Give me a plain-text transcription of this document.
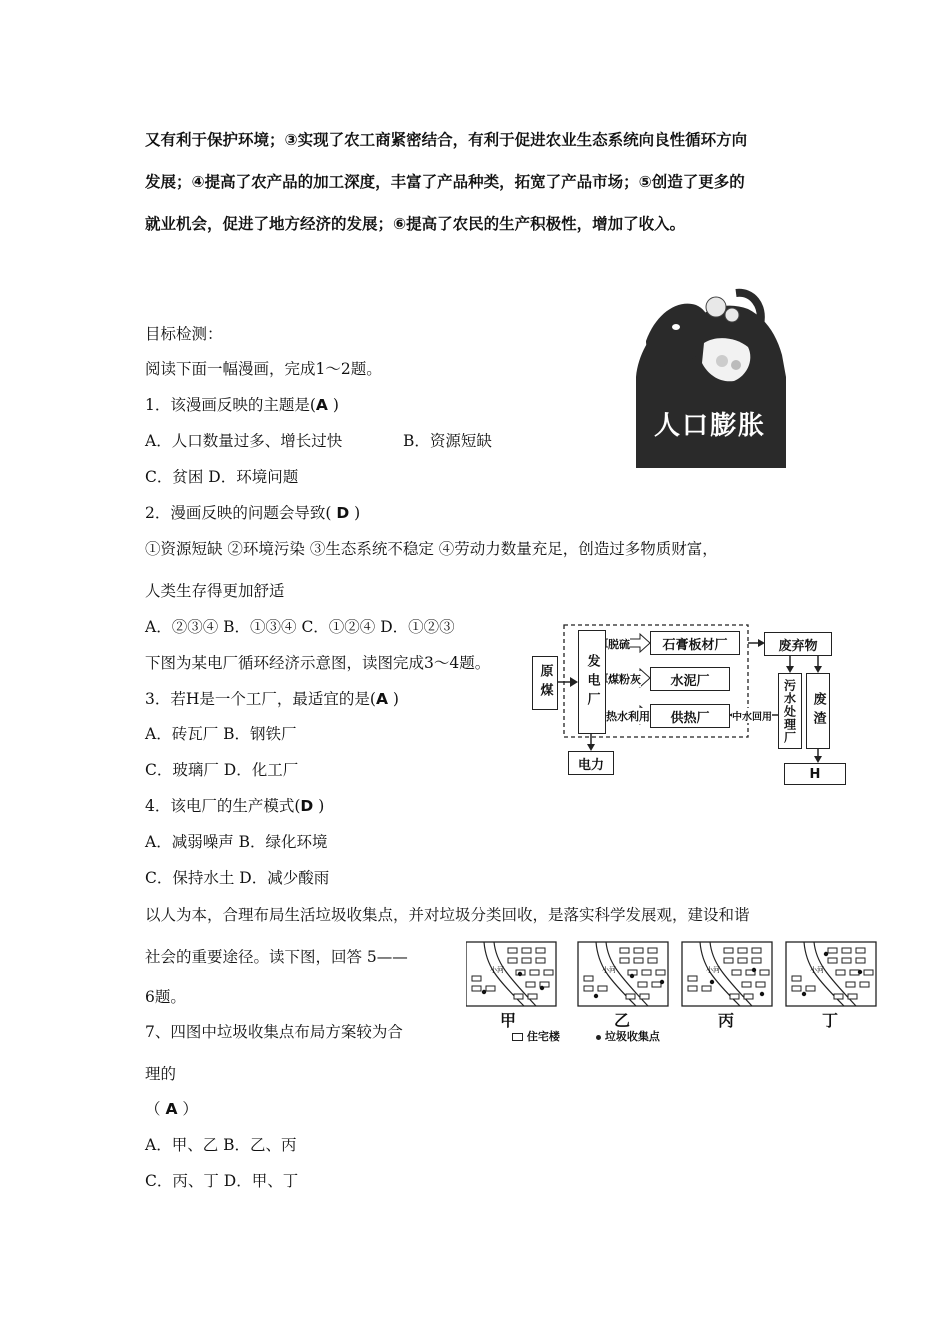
又有利于保护环境；③实现了农工商紧密结合，有利于促进农业生态系统向良性循环方向
发展；④提高了农产品的加工深度，丰富了产品种类，拓宽了产品市场；⑤创造了更多的
就业机会，促进了地方经济的发展；⑥提高了农民的生产积极性，增加了收入。
目标检测：
阅读下面一幅漫画，完成1～2题。
1．该漫画反映的主题是(A )
A．人口数量过多、增长过快	B．资源短缺
C．贫困 D．环境问题
人口膨胀
2．漫画反映的问题会导致( D )
①资源短缺 ②环境污染 ③生态系统不稳定 ④劳动力数量充足，创造过多物质财富，
人类生存得更加舒适
A．②③④ B．①③④ C．①②④ D．①②③
下图为某电厂循环经济示意图，读图完成3～4题。
3．若H是一个工厂，最适宜的是(A )
A．砖瓦厂 B．钢铁厂
C．玻璃厂 D．化工厂
4．该电厂的生产模式(D )
A．减弱噪声 B．绿化环境
C．保持水土 D．减少酸雨
原煤	发电厂
脱硫
煤粉灰
热水利用
石膏板材厂
水泥厂
供热厂
废弃物
污水处理厂	废渣
中水回用
电力
H
以人为本，合理布局生活垃圾收集点，并对垃圾分类回收，是落实科学发展观，建设和谐
社会的重要途径。读下图，回答 5——
6题。
小河	小河	小河	小河
甲	乙	丙	丁
住宅楼	垃圾收集点
7、四图中垃圾收集点布局方案较为合
理的
（ A ）
A．甲、乙 B．乙、丙
C．丙、丁 D．甲、丁
